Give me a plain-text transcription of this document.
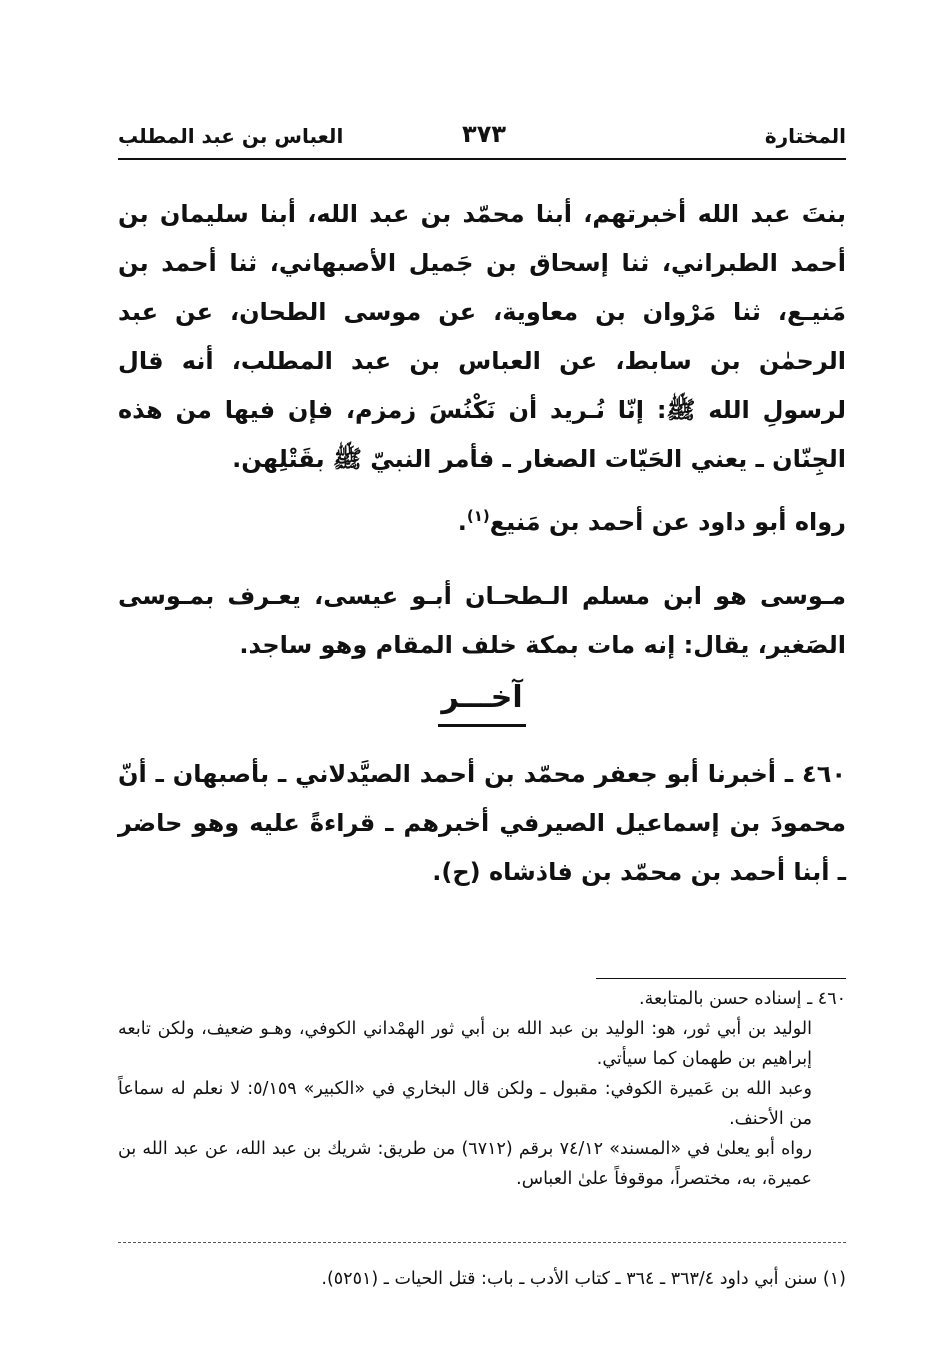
المختارة
٣٧٣
العباس بن عبد المطلب
بنتَ عبد الله أخبرتهم، أبنا محمّد بن عبد الله، أبنا سليمان بن أحمد الطبراني، ثنا إسحاق بن جَميل الأصبهاني، ثنا أحمد بن مَنيـع، ثنا مَرْوان بن معاوية، عن موسى الطحان، عن عبد الرحمٰن بن سابط، عن العباس بن عبد المطلب، أنه قال لرسولِ الله ﷺ: إنّا نُـريد أن نَكْنُسَ زمزم، فإن فيها من هذه الجِنّان ـ يعني الحَيّات الصغار ـ فأمر النبيّ ﷺ بقَتْلِهن.
رواه أبو داود عن أحمد بن مَنيع$^{(١)}$.
مـوسى هو ابن مسلم الـطحـان أبـو عيسى، يعـرف بمـوسى الصَغير، يقال: إنه مات بمكة خلف المقام وهو ساجد.
آخـــر
٤٦٠ ـ أخبرنا أبو جعفر محمّد بن أحمد الصيَّدلاني ـ بأصبهان ـ أنّ محمودَ بن إسماعيل الصيرفي أخبرهم ـ قراءةً عليه وهو حاضر ـ أبنا أحمد بن محمّد بن فاذشاه (ح).

٤٦٠ ـ إسناده حسن بالمتابعة.

الوليد بن أبي ثور، هو: الوليد بن عبد الله بن أبي ثور الهمْداني الكوفي، وهـو ضعيف، ولكن تابعه إبراهيم بن طهمان كما سيأتي.

وعبد الله بن عَميرة الكوفي: مقبول ـ ولكن قال البخاري في «الكبير» ٥/١٥٩: لا نعلم له سماعاً من الأحنف.

رواه أبو يعلىٰ في «المسند» ٧٤/١٢ برقم (٦٧١٢) من طريق: شريك بن عبد الله، عن عبد الله بن عميرة، به، مختصراً، موقوفاً علىٰ العباس.

(١) سنن أبي داود ٣٦٣/٤ ـ ٣٦٤ ـ كتاب الأدب ـ باب: قتل الحيات ـ (٥٢٥١).
